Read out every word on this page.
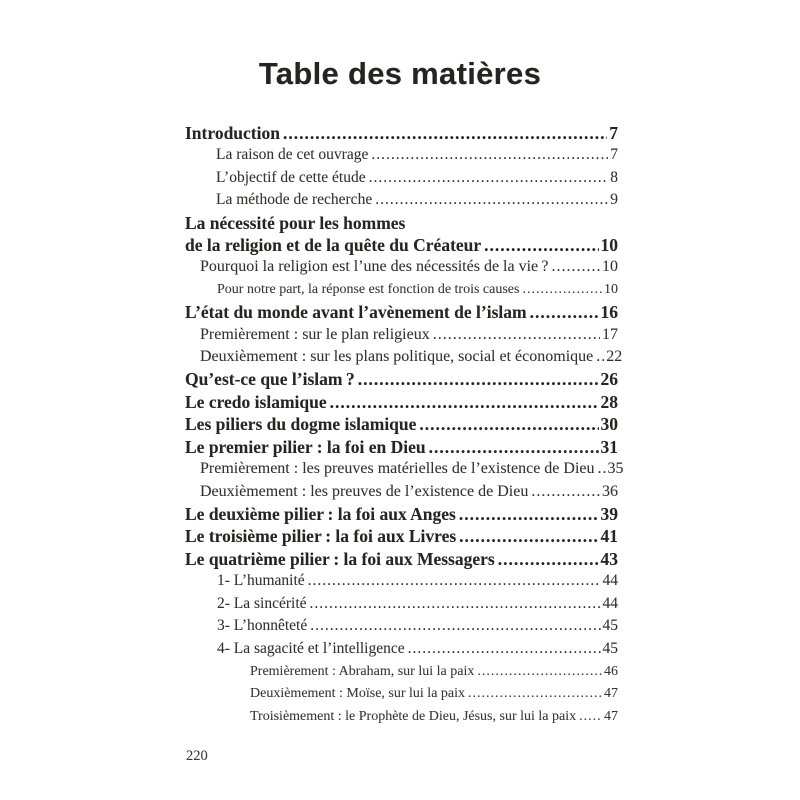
Table des matières
Introduction .....	7
La raison de cet ouvrage .....	7
L’objectif de cette étude .....	8
La méthode de recherche .....	9
La nécessité pour les hommes
de la religion et de la quête du Créateur .....	10
Pourquoi la religion est l’une des nécessités de la vie ? .....	10
Pour notre part, la réponse est fonction de trois causes .....	10
L’état du monde avant l’avènement de l’islam .....	16
Premièrement : sur le plan religieux .....	17
Deuxièmement : sur les plans politique, social et économique ..... 22
Qu’est-ce que l’islam ? .....	26
Le credo islamique .....	28
Les piliers du dogme islamique .....	30
Le premier pilier : la foi en Dieu .....	31
Premièrement : les preuves matérielles de l’existence de Dieu ..... 35
Deuxièmement : les preuves de l’existence de Dieu .....	36
Le deuxième pilier : la foi aux Anges .....	39
Le troisième pilier : la foi aux Livres .....	41
Le quatrième pilier : la foi aux Messagers .....	43
1- L’humanité .....	44
2- La sincérité .....	44
3- L’honnêteté .....	45
4- La sagacité et l’intelligence .....	45
Premièrement : Abraham, sur lui la paix .....	46
Deuxièmement : Moïse, sur lui la paix .....	47
Troisièmement : le Prophète de Dieu, Jésus, sur lui la paix ..... 47
220
